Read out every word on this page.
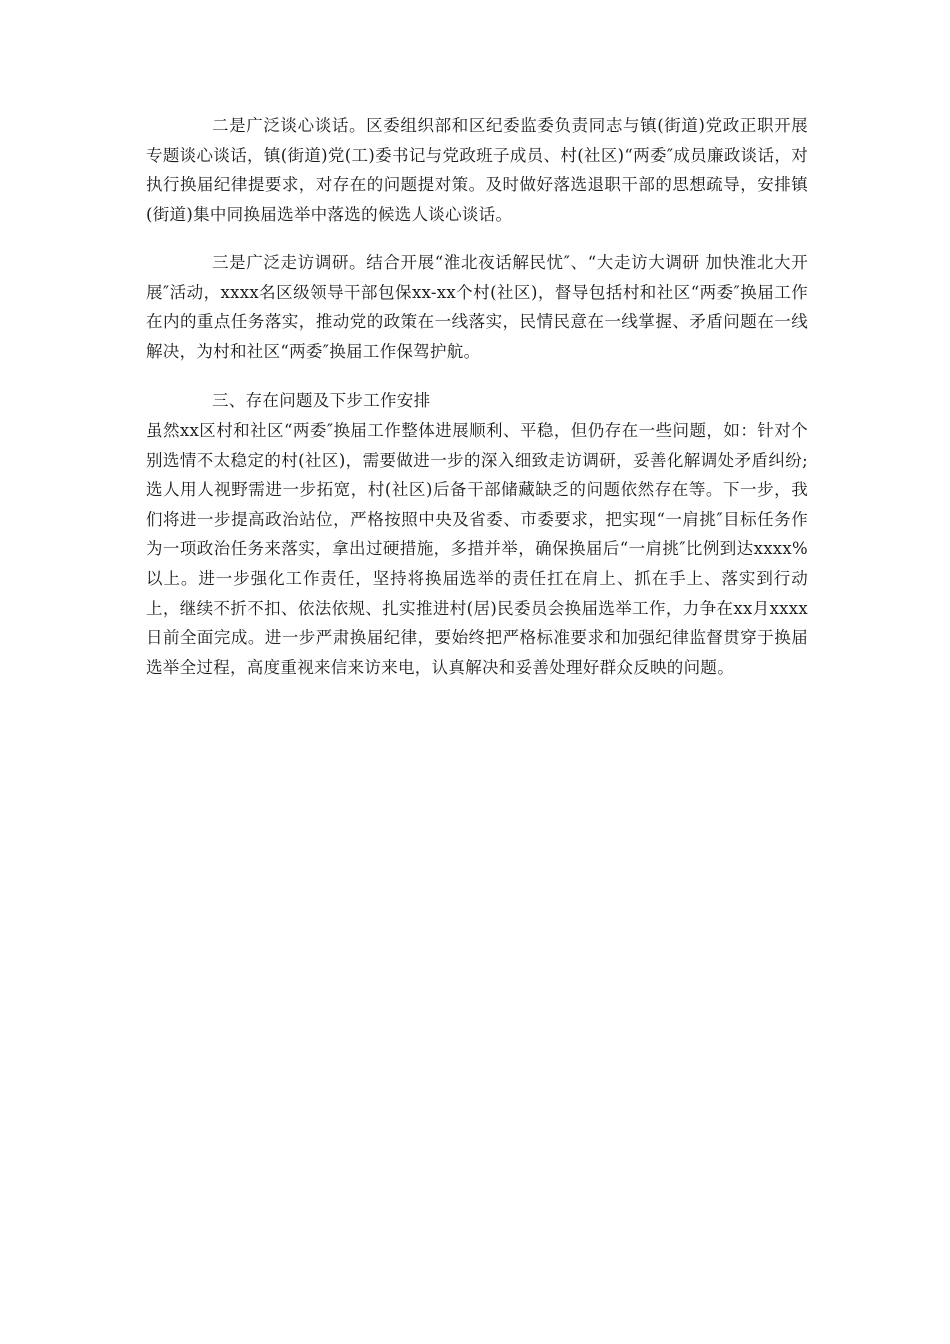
二是广泛谈心谈话。区委组织部和区纪委监委负责同志与镇(街道)党政正职开展专题谈心谈话，镇(街道)党(工)委书记与党政班子成员、村(社区)“两委″成员廉政谈话，对执行换届纪律提要求，对存在的问题提对策。及时做好落选退职干部的思想疏导，安排镇(街道)集中同换届选举中落选的候选人谈心谈话。

三是广泛走访调研。结合开展“淮北夜话解民忧″、“大走访大调研 加快淮北大开展″活动，xxxx名区级领导干部包保xx-xx个村(社区)，督导包括村和社区“两委″换届工作在内的重点任务落实，推动党的政策在一线落实，民情民意在一线掌握、矛盾问题在一线解决，为村和社区“两委″换届工作保驾护航。

三、存在问题及下步工作安排

虽然xx区村和社区“两委″换届工作整体进展顺利、平稳，但仍存在一些问题，如：针对个别选情不太稳定的村(社区)，需要做进一步的深入细致走访调研，妥善化解调处矛盾纠纷;选人用人视野需进一步拓宽，村(社区)后备干部储藏缺乏的问题依然存在等。下一步，我们将进一步提高政治站位，严格按照中央及省委、市委要求，把实现“一肩挑″目标任务作为一项政治任务来落实，拿出过硬措施，多措并举，确保换届后“一肩挑″比例到达xxxx%以上。进一步强化工作责任，坚持将换届选举的责任扛在肩上、抓在手上、落实到行动上，继续不折不扣、依法依规、扎实推进村(居)民委员会换届选举工作，力争在xx月xxxx日前全面完成。进一步严肃换届纪律，要始终把严格标准要求和加强纪律监督贯穿于换届选举全过程，高度重视来信来访来电，认真解决和妥善处理好群众反映的问题。
